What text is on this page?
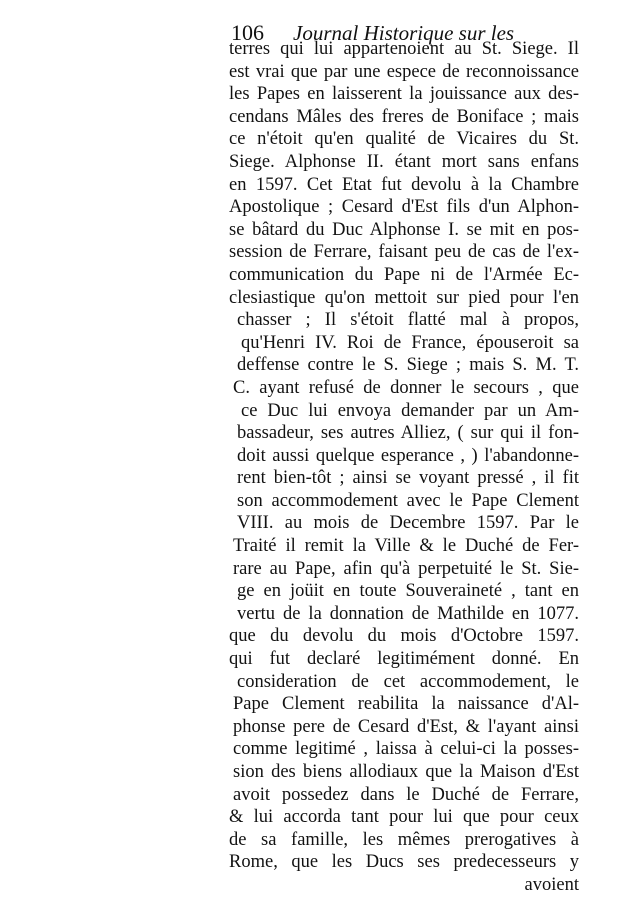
106 Journal Historique sur les
terres qui lui appartenoient au St. Siege. Il
est vrai que par une espece de reconnoissance
les Papes en laisserent la jouissance aux des-
cendans Mâles des freres de Boniface ; mais
ce n'étoit qu'en qualité de Vicaires du St.
Siege. Alphonse II. étant mort sans enfans
en 1597. Cet Etat fut devolu à la Chambre
Apostolique ; Cesard d'Est fils d'un Alphon-
se bâtard du Duc Alphonse I. se mit en pos-
session de Ferrare, faisant peu de cas de l'ex-
communication du Pape ni de l'Armée Ec-
clesiastique qu'on mettoit sur pied pour l'en
chasser ; Il s'étoit flatté mal à propos,
qu'Henri IV. Roi de France, épouseroit sa
deffense contre le S. Siege ; mais S. M. T.
C. ayant refusé de donner le secours , que
ce Duc lui envoya demander par un Am-
bassadeur, ses autres Alliez, ( sur qui il fon-
doit aussi quelque esperance , ) l'abandonne-
rent bien-tôt ; ainsi se voyant pressé , il fit
son accommodement avec le Pape Clement
VIII. au mois de Decembre 1597. Par le
Traité il remit la Ville & le Duché de Fer-
rare au Pape, afin qu'à perpetuité le St. Sie-
ge en joüit en toute Souveraineté , tant en
vertu de la donnation de Mathilde en 1077.
que du devolu du mois d'Octobre 1597.
qui fut declaré legitimément donné. En
consideration de cet accommodement, le
Pape Clement reabilita la naissance d'Al-
phonse pere de Cesard d'Est, & l'ayant ainsi
comme legitimé , laissa à celui-ci la posses-
sion des biens allodiaux que la Maison d'Est
avoit possedez dans le Duché de Ferrare,
& lui accorda tant pour lui que pour ceux
de sa famille, les mêmes prerogatives à
Rome, que les Ducs ses predecesseurs y
avoient
